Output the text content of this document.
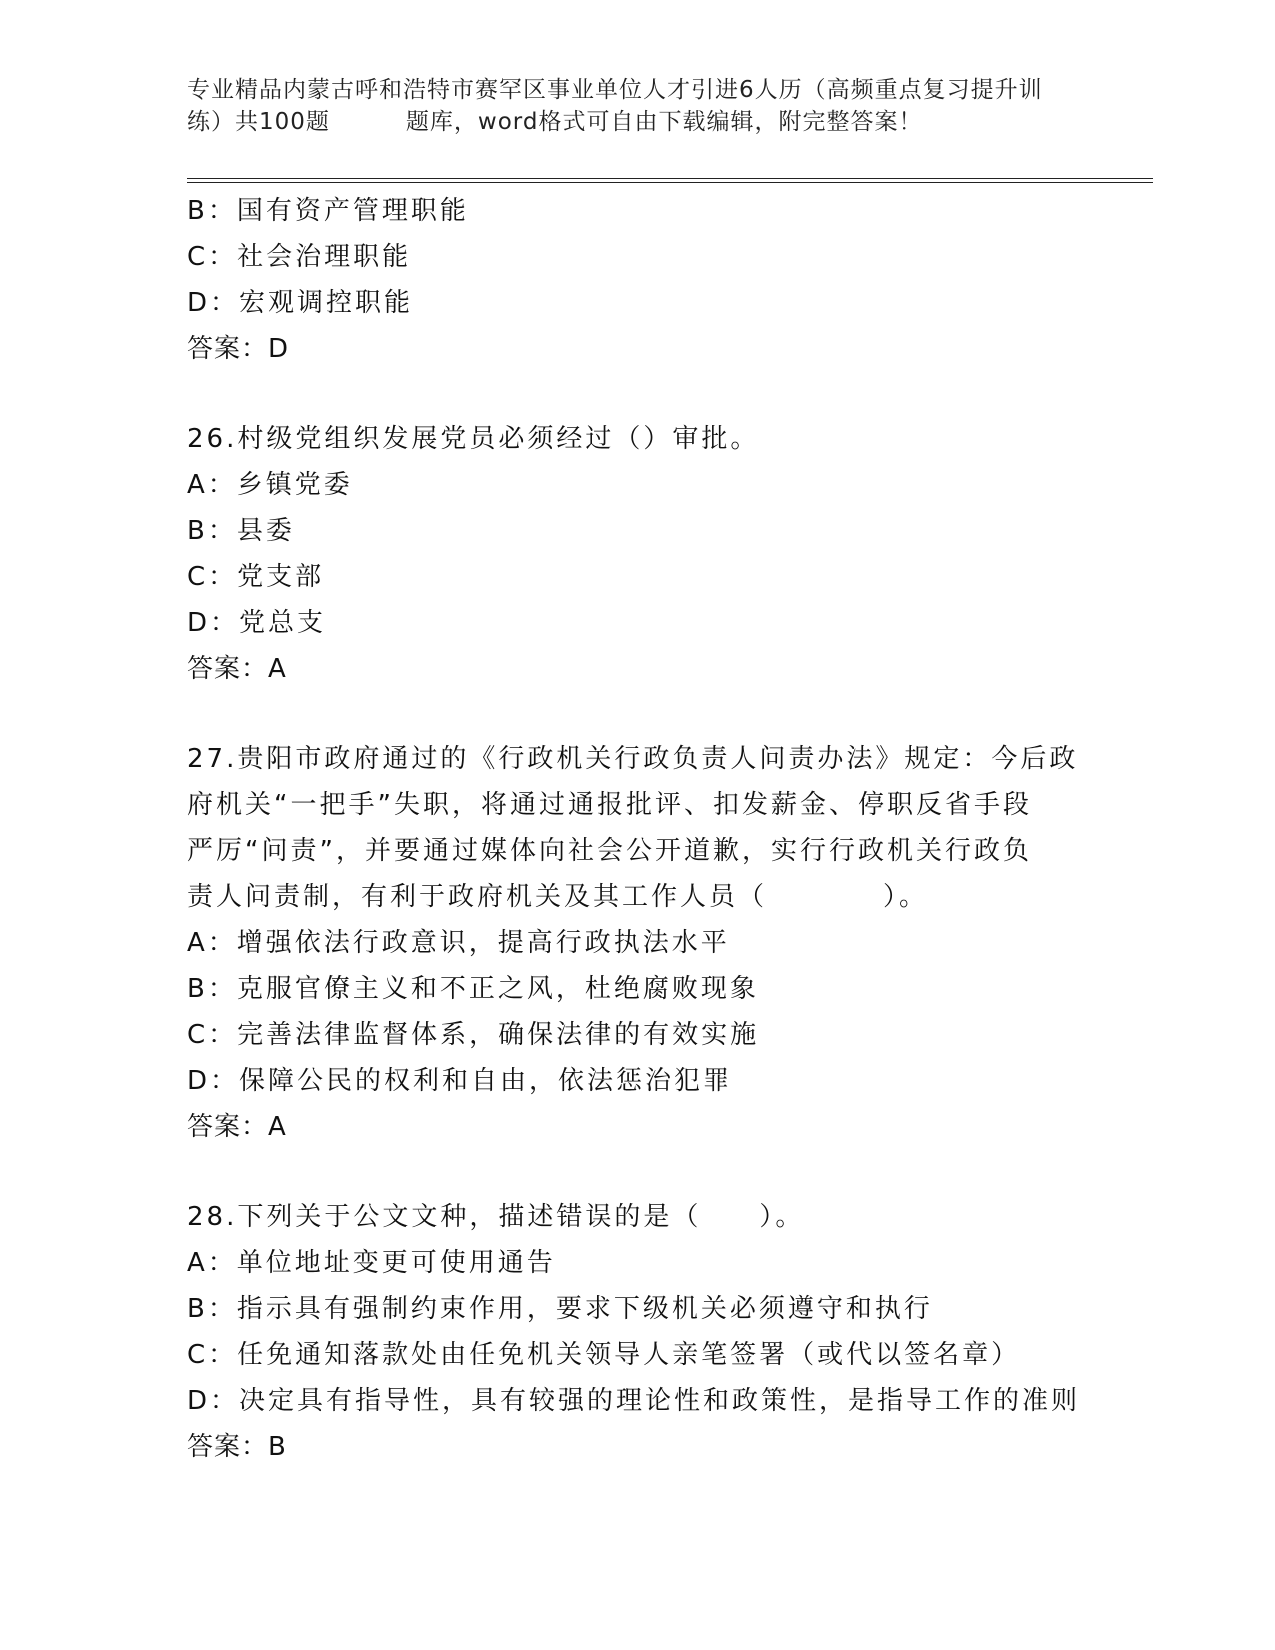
专业精品内蒙古呼和浩特市赛罕区事业单位人才引进6人历（高频重点复习提升训
练）共100题	题库，word格式可自由下载编辑，附完整答案！
B：国有资产管理职能
C：社会治理职能
D：宏观调控职能
答案：D
26.村级党组织发展党员必须经过（）审批。
A：乡镇党委
B：县委
C：党支部
D：党总支
答案：A
27.贵阳市政府通过的《行政机关行政负责人问责办法》规定：今后政
府机关“一把手”失职，将通过通报批评、扣发薪金、停职反省手段
严厉“问责”，并要通过媒体向社会公开道歉，实行行政机关行政负
责人问责制，有利于政府机关及其工作人员（　　　　）。
A：增强依法行政意识，提高行政执法水平
B：克服官僚主义和不正之风，杜绝腐败现象
C：完善法律监督体系，确保法律的有效实施
D：保障公民的权利和自由，依法惩治犯罪
答案：A
28.下列关于公文文种，描述错误的是（　　）。
A：单位地址变更可使用通告
B：指示具有强制约束作用，要求下级机关必须遵守和执行
C：任免通知落款处由任免机关领导人亲笔签署（或代以签名章）
D：决定具有指导性，具有较强的理论性和政策性，是指导工作的准则
答案：B
